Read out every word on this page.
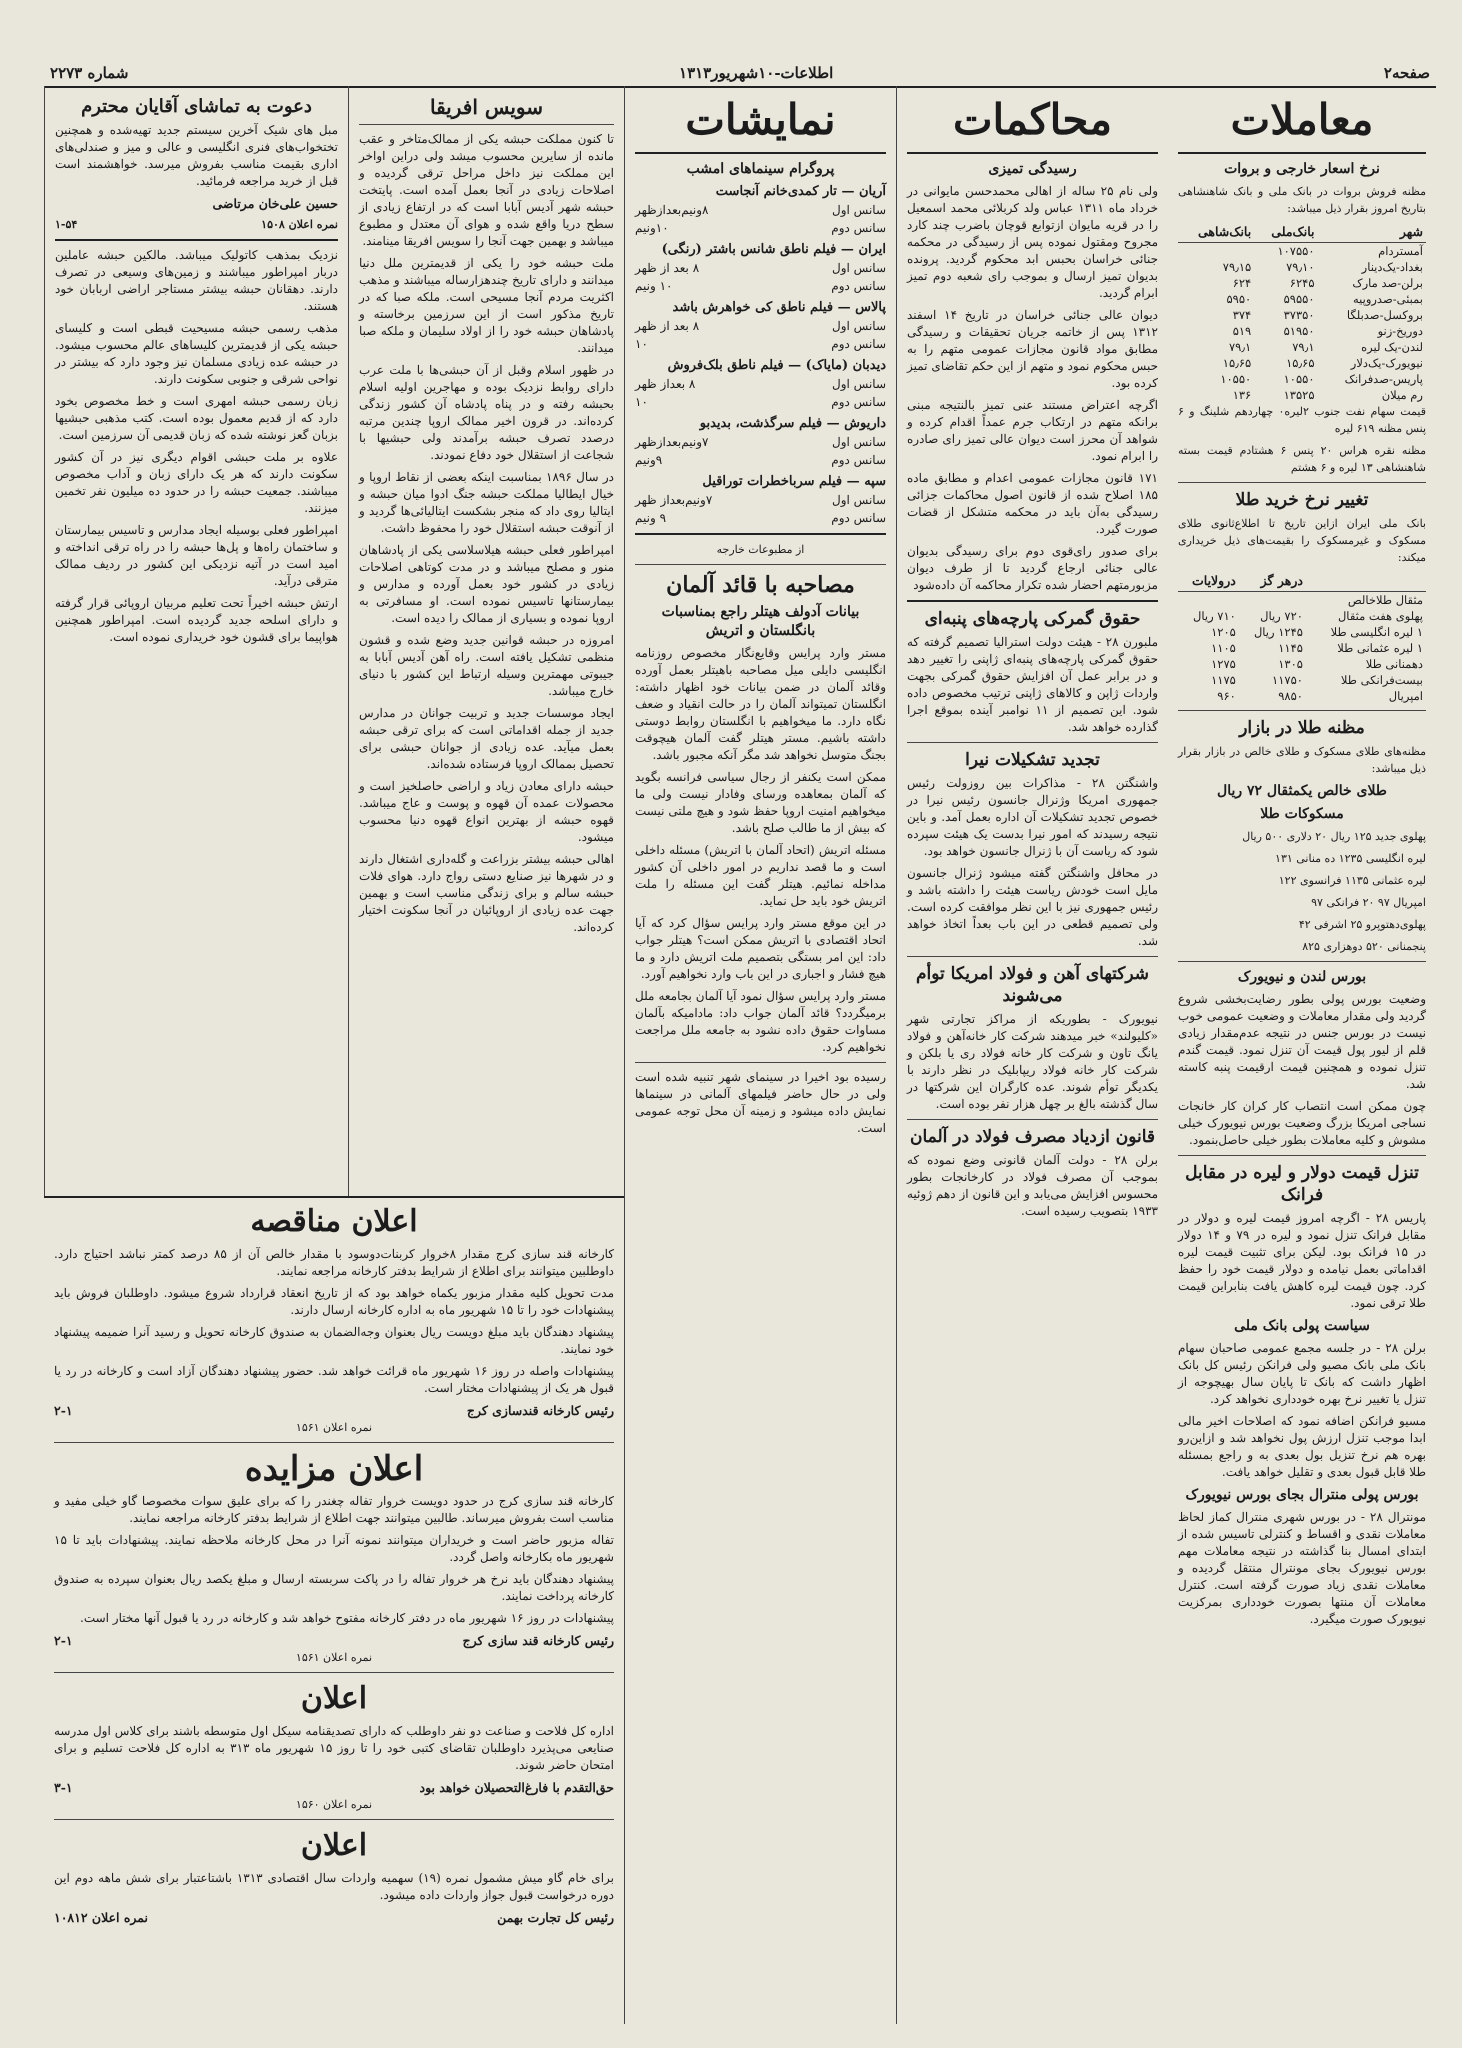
صفحه۲
اطلاعات-۱۰شهریور۱۳۱۳
شماره ۲۲۷۳
معاملات
نرخ اسعار خارجی و بروات

مظنه فروش بروات در بانک ملی و بانک شاهنشاهی بتاریخ امروز بقرار ذیل میباشد:

شهر	بانک‌ملی	بانک‌شاهی
آمستردام	۱۰۷۵۵۰	
بغداد-یک‌دینار	۷۹٫۱۰	۷۹٫۱۵
برلن-صد مارک	۶۲۴۵	۶۲۴
بمبئی-صدروپیه	۵۹۵۵۰	۵۹۵۰
بروکسل-صدبلگا	۳۷۳۵۰	۳۷۴
دوریخ-زنو	۵۱۹۵۰	۵۱۹
لندن-یک لیره	۷۹٫۱	۷۹٫۱
نیویورک-یک‌دلار	۱۵٫۶۵	۱۵٫۶۵
پاریس-صدفرانک	۱۰۵۵۰	۱۰۵۵۰
رم میلان	۱۳۵۲۵	۱۳۶

قیمت سهام نفت جنوب ۲لیره۰ چهاردهم شلینگ و ۶ پنس مظنه ۶۱۹ لیره

مظنه نقره هراس ۲۰ پنس ۶ هشتادم قیمت بسته شاهنشاهی ۱۳ لیره و ۶ هشتم

تغییر نرخ خرید طلا

بانک ملی ایران ازاین تاریخ تا اطلاع‌ثانوی طلای مسکوک و غیرمسکوک را بقیمت‌های ذیل خریداری میکند:

	درهر گز	درولایات
مثقال طلاخالص		
پهلوی هفت مثقال	۷۲۰ ریال	۷۱۰ ریال
۱ لیره انگلیسی طلا	۱۲۴۵ ریال	۱۲۰۵
۱ لیره عثمانی طلا	۱۱۴۵	۱۱۰۵
دهمنانی طلا	۱۳۰۵	۱۲۷۵
بیست‌فرانکی طلا	۱۱۷۵۰	۱۱۷۵
امپریال	۹۸۵۰	۹۶۰
مظنه طلا در بازار

مظنه‌های طلای مسکوک و طلای خالص در بازار بقرار ذیل میباشد:

طلای خالص یکمثقال ۷۲ ریال
مسکوکات طلا

پهلوی جدید ۱۲۵ ریال ۲۰ دلاری ۵۰۰ ریال

لیره انگلیسی ۱۲۳۵ ده منانی ۱۳۱

لیره عثمانی ۱۱۳۵ فرانسوی ۱۲۲

امپریال ۹۷ ۲۰ فرانکی ۹۷

پهلوی‌دهتوپرو ۲۵ اشرفی ۴۲

پنجمنانی ۵۲۰ دوهزاری ۸۲۵

بورس لندن و نیویورک

وضعیت بورس پولی بطور رضایت‌بخشی شروع گردید ولی مقدار معاملات و وضعیت عمومی خوب نیست در بورس جنس در نتیجه عدم‌مقدار زیادی قلم از لیور پول قیمت آن تنزل نمود. قیمت گندم تنزل نموده و همچنین قیمت ارقیمت پنبه کاسته شد.

چون ممکن است انتصاب کار کران کار خانجات نساجی امریکا بزرگ وضعیت بورس نیویورک خیلی مشوش و کلیه معاملات بطور خیلی حاصل‌بنمود.

تنزل قیمت دولار و لیره در مقابل فرانک

پاریس ۲۸ - اگرچه امروز قیمت لیره و دولار در مقابل فرانک تنزل نمود و لیره در ۷۹ و ۱۴ دولار در ۱۵ فرانک بود. لیکن برای تثبیت قیمت لیره اقداماتی بعمل نیامده و دولار قیمت خود را حفظ کرد. چون قیمت لیره کاهش یافت بنابراین قیمت طلا ترقی نمود.

سیاست پولی بانک ملی

برلن ۲۸ - در جلسه مجمع عمومی صاحبان سهام بانک ملی بانک مصیو ولی فرانکن رئیس کل بانک اظهار داشت که بانک تا پایان سال بهیچوجه از تنزل یا تغییر نرخ بهره خودداری نخواهد کرد.

مسیو فرانکن اضافه نمود که اصلاحات اخیر مالی ابدا موجب تنزل ارزش پول نخواهد شد و ازاین‌رو بهره هم نرخ تنزیل بول بعدی به و راجع بمسئله طلا قابل قبول بعدی و تقلیل خواهد یافت.

بورس پولی منترال بجای بورس نیویورک

مونترال ۲۸ - در بورس شهری منترال کماز لحاظ معاملات نقدی و اقساط و کنترلی تاسیس شده از ابتدای امسال بنا گذاشته در نتیجه معاملات مهم بورس نیویورک بجای مونترال منتقل گردیده و معاملات نقدی زیاد صورت گرفته است. کنترل معاملات آن منتها بصورت خودداری بمرکزیت نیویورک صورت میگیرد.

محاکمات
رسیدگی تمیزی

ولی نام ۲۵ ساله از اهالی محمدحسن مایوانی در خرداد ماه ۱۳۱۱ عباس ولد کربلائی محمد اسمعیل را در قریه مایوان ازتوابع قوچان باضرب چند کارد مجروح ومقتول نموده پس از رسیدگی در محکمه جنائی خراسان بحبس ابد محکوم گردید. پرونده بدیوان تمیز ارسال و بموجب رای شعبه دوم تمیز ابرام گردید.

دیوان عالی جنائی خراسان در تاریخ ۱۴ اسفند ۱۳۱۲ پس از خاتمه جریان تحقیقات و رسیدگی مطابق مواد قانون مجازات عمومی متهم را به حبس محکوم نمود و متهم از این حکم تقاضای تمیز کرده بود.

اگرچه اعتراض مستند عنی تمیز بالنتیجه مبنی برانکه متهم در ارتکاب جرم عمداً اقدام کرده و شواهد آن محرز است دیوان عالی تمیز رای صادره را ابرام نمود.

۱۷۱ قانون مجازات عمومی اعدام و مطابق ماده ۱۸۵ اصلاح شده از قانون اصول محاکمات جزائی رسیدگی به‌آن باید در محکمه متشکل از قضات صورت گیرد.

برای صدور رای‌قوی دوم برای رسیدگی بدیوان عالی جنائی ارجاع گردید تا از طرف دیوان مزبورمتهم احضار شده تکرار محاکمه آن داده‌شود

حقوق گمرکی پارچه‌های پنبه‌ای

ملبورن ۲۸ - هیئت دولت استرالیا تصمیم گرفته که حقوق گمرکی پارچه‌های پنبه‌ای ژاپنی را تغییر دهد و در برابر عمل آن افزایش حقوق گمرکی بجهت واردات ژاپن و کالاهای ژاپنی ترتیب مخصوص داده شود. این تصمیم از ۱۱ نوامبر آینده بموقع اجرا گذارده خواهد شد.

تجدید تشکیلات نیرا

واشنگتن ۲۸ - مذاکرات بین روزولت رئیس جمهوری امریکا وژنرال جانسون رئیس نیرا در خصوص تجدید تشکیلات آن اداره بعمل آمد. و باین نتیجه رسیدند که امور نیرا بدست یک هیئت سپرده شود که ریاست آن با ژنرال جانسون خواهد بود.

در محافل واشنگتن گفته میشود ژنرال جانسون مایل است خودش ریاست هیئت را داشته باشد و رئیس جمهوری نیز با این نظر موافقت کرده است. ولی تصمیم قطعی در این باب بعداً اتخاذ خواهد شد.

شرکتهای آهن و فولاد امریکا توأم می‌شوند

نیویورک - بطوریکه از مراکز تجارتی شهر «کلیولند» خبر میدهند شرکت کار خانه‌آهن و فولاد یانگ تاون و شرکت کار خانه فولاد ری یا بلکن و شرکت کار خانه فولاد ریپابلیک در نظر دارند با یکدیگر توأم شوند. عده کارگران این شرکتها در سال گذشته بالغ بر چهل هزار نفر بوده است.

قانون ازدیاد مصرف فولاد در آلمان

برلن ۲۸ - دولت آلمان قانونی وضع نموده که بموجب آن مصرف فولاد در کارخانجات بطور محسوس افزایش می‌یابد و این قانون از دهم ژوئیه ۱۹۳۳ بتصویب رسیده است.

نمایشات
پروگرام سینماهای امشب
آریان — تار کمدی‌خانم آنجاست
سانس اول
۸ونیم‌بعدازظهر
سانس دوم
۱۰ونیم
ایران — فیلم ناطق شانس باشتر (رنگی)
سانس اول
۸ بعد از ظهر
سانس دوم
۱۰ ونیم
پالاس — فیلم ناطق کی‌ خواهرش باشد
سانس اول
۸ بعد از ظهر
سانس دوم
۱۰
دیدبان (مایاک) — فیلم ناطق بلک‌فروش
سانس اول
۸ بعداز ظهر
سانس دوم
۱۰
داریوش — فیلم سرگذشت، بدیدبو
سانس اول
۷ونیم‌بعدازظهر
سانس دوم
۹ونیم
سپه — فیلم سرباخطرات توراقیل
سانس اول
۷ونیم‌بعداز ظهر
سانس دوم
۹ ونیم
از مطبوعات خارجه
مصاحبه با قائد آلمان
بیانات آدولف هیتلر راجع بمناسبات بانگلستان و اتریش

مستر وارد پرایس وقایع‌نگار مخصوص روزنامه انگلیسی دایلی میل مصاحبه باهیتلر بعمل آورده وقائد آلمان در ضمن بیانات خود اظهار داشته: انگلستان تمیتواند آلمان را در حالت انقیاد و ضعف نگاه دارد. ما میخواهیم با انگلستان روابط دوستی داشته باشیم. مستر هیتلر گفت آلمان هیچوقت بجنگ متوسل نخواهد شد مگر آنکه مجبور باشد.

ممکن است یکنفر از رجال سیاسی فرانسه بگوید که آلمان بمعاهده ورسای وفادار نیست ولی ما میخواهیم امنیت اروپا حفظ شود و هیچ ملتی نیست که بیش از ما طالب صلح باشد.

مسئله اتریش (اتحاد آلمان با اتریش) مسئله داخلی است و ما قصد نداریم در امور داخلی آن کشور مداخله نمائیم. هیتلر گفت این مسئله را ملت اتریش خود باید حل نماید.

در این موقع مستر وارد پرایس سؤال کرد که آیا اتحاد اقتصادی با اتریش ممکن است؟ هیتلر جواب داد: این امر بستگی بتصمیم ملت اتریش دارد و ما هیچ فشار و اجباری در این باب وارد نخواهیم آورد.

مستر وارد پرایس سؤال نمود آیا آلمان بجامعه ملل برمیگردد؟ قائد آلمان جواب داد: مادامیکه بآلمان مساوات حقوق داده نشود به جامعه ملل مراجعت نخواهیم کرد.

رسیده بود اخیرا در سینمای شهر تنبیه شده است ولی در حال حاضر فیلمهای آلمانی در سینماها نمایش داده میشود و زمینه آن محل توجه عمومی است.

سویس افریقا

تا کنون مملکت حبشه یکی از ممالک‌متاخر و عقب مانده از سایرین محسوب میشد ولی دراین اواخر این مملکت نیز داخل مراحل ترقی گردیده و اصلاحات زیادی در آنجا بعمل آمده است. پایتخت حبشه شهر آدیس آبابا است که در ارتفاع زیادی از سطح دریا واقع شده و هوای آن معتدل و مطبوع میباشد و بهمین جهت آنجا را سویس افریقا مینامند.

ملت حبشه خود را یکی از قدیمترین ملل دنیا میدانند و دارای تاریخ چندهزارساله میباشند و مذهب اکثریت مردم آنجا مسیحی است. ملکه صبا که در تاریخ مذکور است از این سرزمین برخاسته و پادشاهان حبشه خود را از اولاد سلیمان و ملکه صبا میدانند.

در ظهور اسلام وقبل از آن حبشی‌ها با ملت عرب دارای روابط نزدیک بوده و مهاجرین اولیه اسلام بحبشه رفته و در پناه پادشاه آن کشور زندگی کرده‌اند. در قرون اخیر ممالک اروپا چندین مرتبه درصدد تصرف حبشه برآمدند ولی حبشیها با شجاعت از استقلال خود دفاع نمودند.

در سال ۱۸۹۶ بمناسبت اینکه بعضی از نقاط اروپا و خیال ایطالیا مملکت حبشه جنگ ادوا میان حبشه و ایتالیا روی داد که منجر بشکست ایتالیائی‌ها گردید و از آنوقت حبشه استقلال خود را محفوظ داشت.

امپراطور فعلی حبشه هیلاسلاسی یکی از پادشاهان منور و مصلح میباشد و در مدت کوتاهی اصلاحات زیادی در کشور خود بعمل آورده و مدارس و بیمارستانها تاسیس نموده است. او مسافرتی به اروپا نموده و بسیاری از ممالک را دیده است.

امروزه در حبشه قوانین جدید وضع شده و قشون منظمی تشکیل یافته است. راه آهن آدیس آبابا به جیبوتی مهمترین وسیله ارتباط این کشور با دنیای خارج میباشد.

ایجاد موسسات جدید و تربیت جوانان در مدارس جدید از جمله اقداماتی است که برای ترقی حبشه بعمل میآید. عده زیادی از جوانان حبشی برای تحصیل بممالک اروپا فرستاده شده‌اند.

حبشه دارای معادن زیاد و اراضی حاصلخیز است و محصولات عمده آن قهوه و پوست و عاج میباشد. قهوه حبشه از بهترین انواع قهوه دنیا محسوب میشود.

اهالی حبشه بیشتر بزراعت و گله‌داری اشتغال دارند و در شهرها نیز صنایع دستی رواج دارد. هوای فلات حبشه سالم و برای زندگی مناسب است و بهمین جهت عده زیادی از اروپائیان در آنجا سکونت اختیار کرده‌اند.

دعوت به تماشای آقایان محترم

مبل های شیک آخرین سیستم جدید تهیه‌شده و همچنین تختخواب‌های فنری انگلیسی و عالی و میز و صندلی‌های اداری بقیمت مناسب بفروش میرسد. خواهشمند است قبل از خرید مراجعه فرمائید.

حسین علی‌خان مرتاضی
نمره اعلان ۱۵۰۸
۱-۵۴

نزدیک بمذهب کاتولیک میباشد. مالکین حبشه عاملین دربار امپراطور میباشند و زمین‌های وسیعی در تصرف دارند. دهقانان حبشه بیشتر مستاجر اراضی اربابان خود هستند.

مذهب رسمی حبشه مسیحیت قبطی است و کلیسای حبشه یکی از قدیمترین کلیساهای عالم محسوب میشود. در حبشه عده زیادی مسلمان نیز وجود دارد که بیشتر در نواحی شرقی و جنوبی سکونت دارند.

زبان رسمی حبشه امهری است و خط مخصوص بخود دارد که از قدیم معمول بوده است. کتب مذهبی حبشیها بزبان گعز نوشته شده که زبان قدیمی آن سرزمین است.

علاوه بر ملت حبشی اقوام دیگری نیز در آن کشور سکونت دارند که هر یک دارای زبان و آداب مخصوص میباشند. جمعیت حبشه را در حدود ده میلیون نفر تخمین میزنند.

امپراطور فعلی بوسیله ایجاد مدارس و تاسیس بیمارستان و ساختمان راه‌ها و پل‌ها حبشه را در راه ترقی انداخته و امید است در آتیه نزدیکی این کشور در ردیف ممالک مترقی درآید.

ارتش حبشه اخیراً تحت تعلیم مربیان اروپائی قرار گرفته و دارای اسلحه جدید گردیده است. امپراطور همچنین هواپیما برای قشون خود خریداری نموده است.

اعلان مناقصه

کارخانه قند سازی کرج مقدار ۸خروار کربنات‌دوسود با مقدار خالص آن از ۸۵ درصد کمتر نباشد احتیاج دارد. داوطلبین میتوانند برای اطلاع از شرایط بدفتر کارخانه مراجعه نمایند.

مدت تحویل کلیه مقدار مزبور یکماه خواهد بود که از تاریخ انعقاد قرارداد شروع میشود. داوطلبان فروش باید پیشنهادات خود را تا ۱۵ شهریور ماه به اداره کارخانه ارسال دارند.

پیشنهاد دهندگان باید مبلغ دویست ریال بعنوان وجه‌الضمان به صندوق کارخانه تحویل و رسید آنرا ضمیمه پیشنهاد خود نمایند.

پیشنهادات واصله در روز ۱۶ شهریور ماه قرائت خواهد شد. حضور پیشنهاد دهندگان آزاد است و کارخانه در رد یا قبول هر یک از پیشنهادات مختار است.

رئیس کارخانه قندسازی کرج
۲-۱
نمره اعلان ۱۵۶۱
اعلان مزایده

کارخانه قند سازی کرج در حدود دویست خروار تفاله چغندر را که برای علیق سوات مخصوصا گاو خیلی مفید و مناسب است بفروش میرساند. طالبین میتوانند جهت اطلاع از شرایط بدفتر کارخانه مراجعه نمایند.

تفاله مزبور حاضر است و خریداران میتوانند نمونه آنرا در محل کارخانه ملاحظه نمایند. پیشنهادات باید تا ۱۵ شهریور ماه بکارخانه واصل گردد.

پیشنهاد دهندگان باید نرخ هر خروار تفاله را در پاکت سربسته ارسال و مبلغ یکصد ریال بعنوان سپرده به صندوق کارخانه پرداخت نمایند.

پیشنهادات در روز ۱۶ شهریور ماه در دفتر کارخانه مفتوح خواهد شد و کارخانه در رد یا قبول آنها مختار است.

رئیس کارخانه قند سازی کرج
۲-۱
نمره اعلان ۱۵۶۱
اعلان

اداره کل فلاحت و صناعت دو نفر داوطلب که دارای تصدیقنامه سیکل اول متوسطه باشند برای کلاس اول مدرسه صنایعی می‌پذیرد داوطلبان تقاضای کتبی خود را تا روز ۱۵ شهریور ماه ۳۱۳ به اداره کل فلاحت تسلیم و برای امتحان حاضر شوند.

حق‌التقدم با فارغ‌التحصیلان خواهد بود
۳-۱
نمره اعلان ۱۵۶۰
اعلان

برای خام گاو میش مشمول نمره (۱۹) سهمیه واردات سال اقتصادی ۱۳۱۳ باشتاعتبار برای شش ماهه دوم این دوره درخواست قبول جواز واردات داده میشود.

رئیس کل تجارت بهمن
نمره اعلان ۱۰۸۱۲
